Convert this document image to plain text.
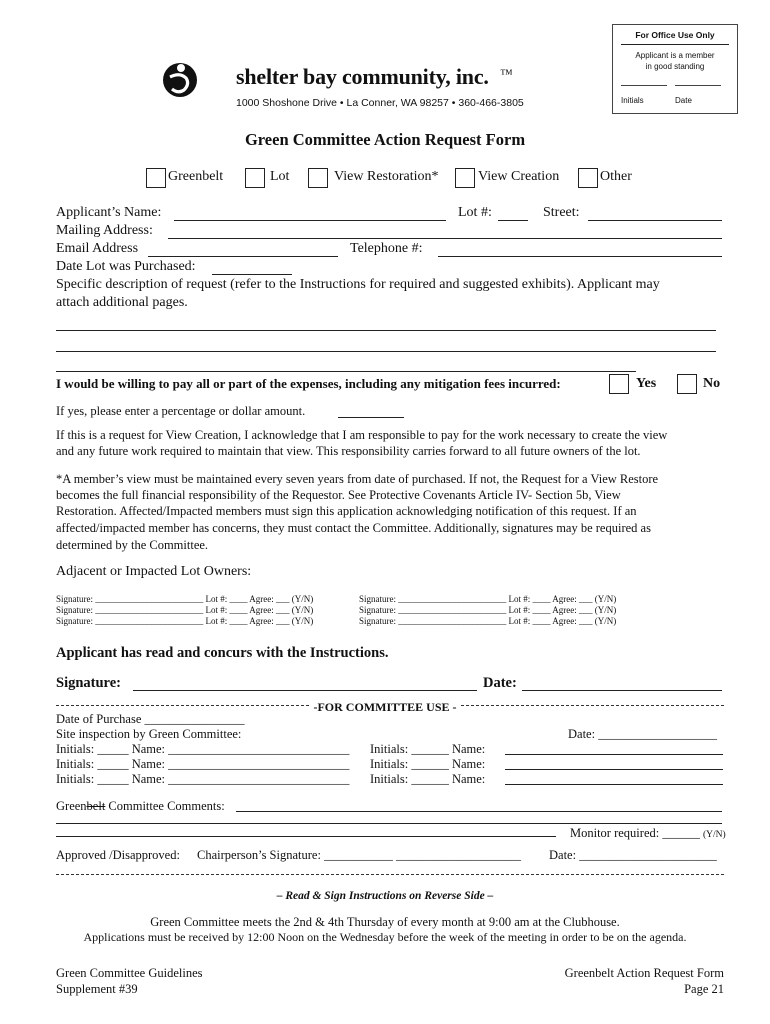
For Office Use Only
Applicant is a member
in good standing
Initials	Date
shelter bay community, inc. ™
1000 Shoshone Drive • La Conner, WA 98257 • 360-466-3805
Green Committee Action Request Form
Greenbelt	Lot	View Restoration*	View Creation	Other
Applicant’s Name:	Lot #:	Street:
Mailing Address:
Email Address	Telephone #:
Date Lot was Purchased:
Specific description of request (refer to the Instructions for required and suggested exhibits). Applicant may
attach additional pages.
I would be willing to pay all or part of the expenses, including any mitigation fees incurred:	Yes	No
If yes, please enter a percentage or dollar amount.
If this is a request for View Creation, I acknowledge that I am responsible to pay for the work necessary to create the view
and any future work required to maintain that view. This responsibility carries forward to all future owners of the lot.
*A member’s view must be maintained every seven years from date of purchased. If not, the Request for a View Restore
becomes the full financial responsibility of the Requestor. See Protective Covenants Article IV- Section 5b, View
Restoration. Affected/Impacted members must sign this application acknowledging notification of this request. If an
affected/impacted member has concerns, they must contact the Committee. Additionally, signatures may be required as
determined by the Committee.
Adjacent or Impacted Lot Owners:
Signature: ________________________ Lot #: ____ Agree: ___ (Y/N)
Signature: ________________________ Lot #: ____ Agree: ___ (Y/N)
Signature: ________________________ Lot #: ____ Agree: ___ (Y/N)
Signature: ________________________ Lot #: ____ Agree: ___ (Y/N)
Signature: ________________________ Lot #: ____ Agree: ___ (Y/N)
Signature: ________________________ Lot #: ____ Agree: ___ (Y/N)
Applicant has read and concurs with the Instructions.
Signature:	Date:
-FOR COMMITTEE USE -
Date of Purchase ________________
Site inspection by Green Committee:	Date: ___________________
Initials: _____ Name: _____________________________
Initials: _____ Name: _____________________________
Initials: _____ Name: _____________________________
Initials: ______ Name:
Initials: ______ Name:
Initials: ______ Name:
Greenbelt Committee Comments:
Monitor required: ______ (Y/N)
Approved /Disapproved: Chairperson’s Signature: ___________ ____________________ Date: ______________________
– Read & Sign Instructions on Reverse Side –
Green Committee meets the 2nd & 4th Thursday of every month at 9:00 am at the Clubhouse.
Applications must be received by 12:00 Noon on the Wednesday before the week of the meeting in order to be on the agenda.
Green Committee Guidelines
Supplement #39
Greenbelt Action Request Form
Page 21
